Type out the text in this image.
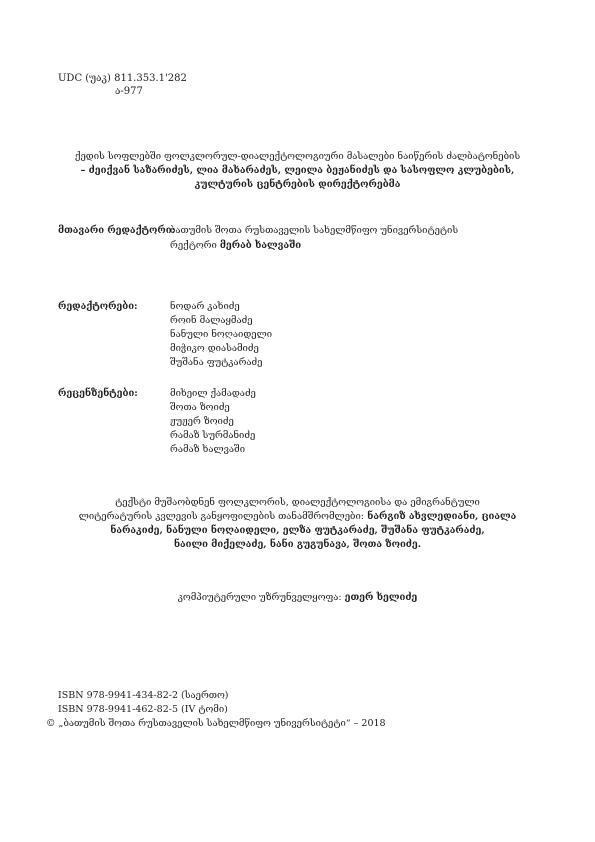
UDC (უაკ) 811.353.1'282
ა-977
ქედის სოფლებში ფოლკლორულ-დიალექტოლოგიური მასალები ნაიწერის ძალბატონების
– ძეიქვან საზარიძეს, ლია მახარაძეს, ლეილა ბეჟანიძეს და სასოფლო კლუბების,
კულტურის ცენტრების დირექტორებმა
მთავარი რედაქტორი:
ბათუმის შოთა რუსთაველის სახელმწიფო უნივერსიტეტის
რექტორი მერაბ ხალვაში
რედაქტორები:	ნოდარ კახიძე
როინ მალაყმაძე
ნანული ნოღაიდელი
მიჭიკო დიასამიძე
შუშანა ფუტკარაძე
რეცენზენტები:	მიხეილ ქამადაძე
შოთა ზოიძე
ჟუჟერ ზოიძე
რამაზ სურმანიძე
რამაზ ხალვაში
ტექსტი მუშაობდნენ ფოლკლორის, დიალექტოლოგიისა და ემიგრანტული
ლიტერატურის კვლევის განყოფილების თანამშრომლები: ნარგიზ ახვლედიანი, ციალა
ნარაკიძე, ნანული ნოღაიდელი, ელზა ფუტკარაძე, შუშანა ფუტკარაძე,
ნაილი მიქელაძე, ნანი გუგუნავა, შოთა ზოიძე.
კომპიუტერული უზრუნველყოფა: ეთერ ხელიძე
ISBN 978-9941-434-82-2 (საერთო)
ISBN 978-9941-462-82-5 (IV ტომი)
© „ბათუმის შოთა რუსთაველის სახელმწიფო უნივერსიტეტი“ – 2018
